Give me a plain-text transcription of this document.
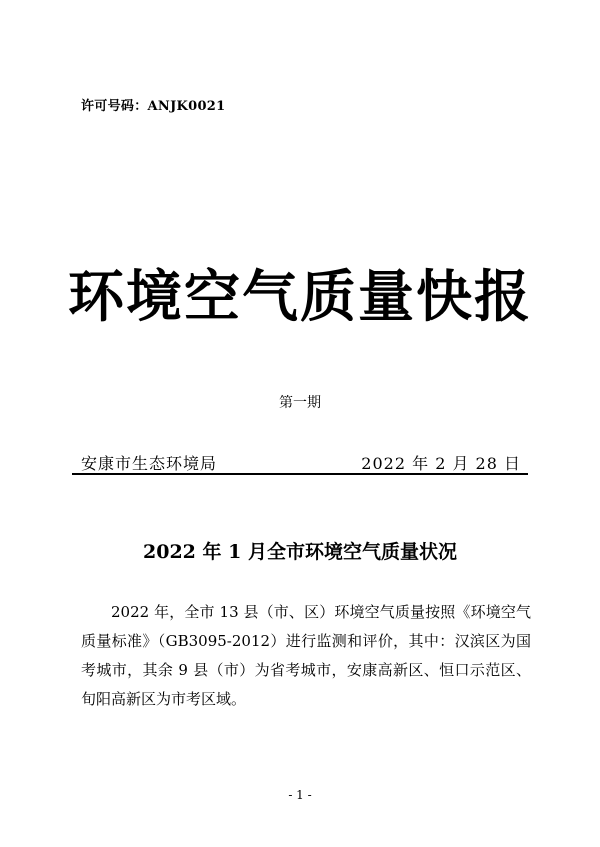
许可号码：ANJK0021
环境空气质量快报
第一期
安康市生态环境局	2022 年 2 月 28 日
2022 年 1 月全市环境空气质量状况

2022 年，全市 13 县（市、区）环境空气质量按照《环境空气质量标准》（GB3095-2012）进行监测和评价，其中：汉滨区为国考城市，其余 9 县（市）为省考城市，安康高新区、恒口示范区、旬阳高新区为市考区域。

- 1 -
